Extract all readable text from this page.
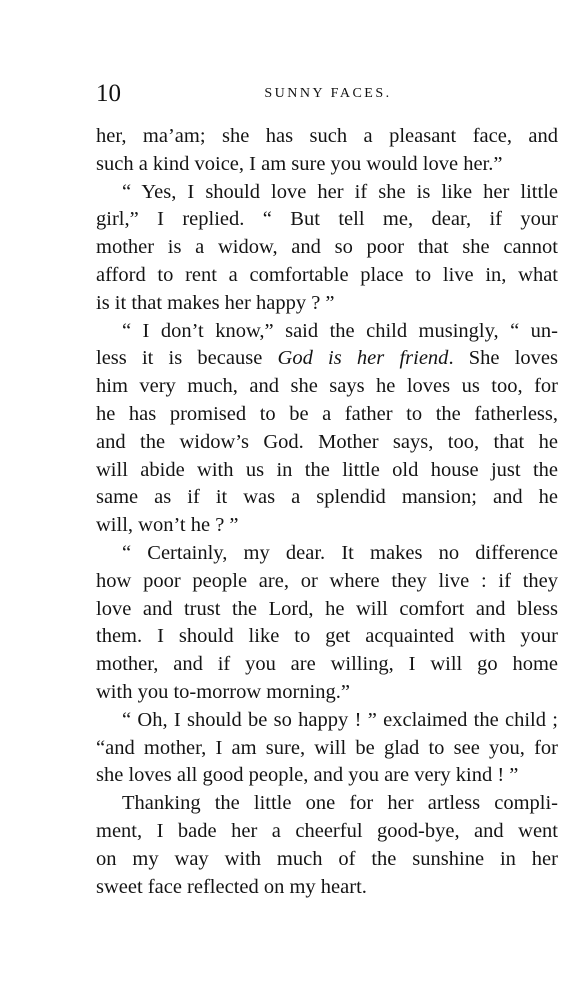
10	SUNNY FACES.
her, ma’am; she has such a pleasant face, and
such a kind voice, I am sure you would love her.”
“ Yes, I should love her if she is like her little
girl,” I replied. “ But tell me, dear, if your
mother is a widow, and so poor that she cannot
afford to rent a comfortable place to live in, what
is it that makes her happy ? ”
“ I don’t know,” said the child musingly, “ un-
less it is because God is her friend. She loves
him very much, and she says he loves us too, for
he has promised to be a father to the fatherless,
and the widow’s God. Mother says, too, that he
will abide with us in the little old house just the
same as if it was a splendid mansion; and he
will, won’t he ? ”
“ Certainly, my dear. It makes no difference
how poor people are, or where they live : if they
love and trust the Lord, he will comfort and bless
them. I should like to get acquainted with your
mother, and if you are willing, I will go home
with you to-morrow morning.”
“ Oh, I should be so happy ! ” exclaimed the child ;
“and mother, I am sure, will be glad to see you, for
she loves all good people, and you are very kind ! ”
Thanking the little one for her artless compli-
ment, I bade her a cheerful good-bye, and went
on my way with much of the sunshine in her
sweet face reflected on my heart.
